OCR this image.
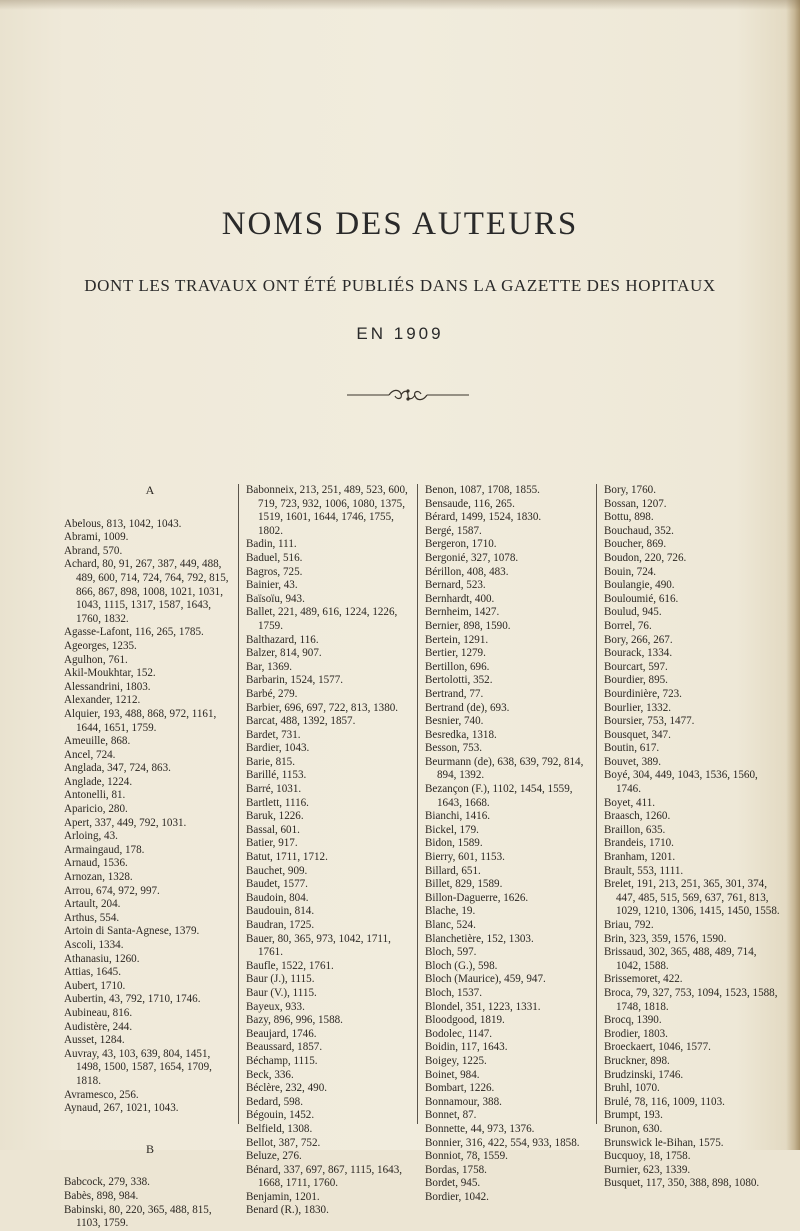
NOMS DES AUTEURS
DONT LES TRAVAUX ONT ÉTÉ PUBLIÉS DANS LA GAZETTE DES HOPITAUX
EN 1909
A
Abelous, 813, 1042, 1043.
Abrami, 1009.
Abrand, 570.
Achard, 80, 91, 267, 387, 449, 488, 489, 600, 714, 724, 764, 792, 815, 866, 867, 898, 1008, 1021, 1031, 1043, 1115, 1317, 1587, 1643, 1760, 1832.
Agasse-Lafont, 116, 265, 1785.
Ageorges, 1235.
Agulhon, 761.
Akil-Moukhtar, 152.
Alessandrini, 1803.
Alexander, 1212.
Alquier, 193, 488, 868, 972, 1161, 1644, 1651, 1759.
Ameuille, 868.
Ancel, 724.
Anglada, 347, 724, 863.
Anglade, 1224.
Antonelli, 81.
Aparicio, 280.
Apert, 337, 449, 792, 1031.
Arloing, 43.
Armaingaud, 178.
Arnaud, 1536.
Arnozan, 1328.
Arrou, 674, 972, 997.
Artault, 204.
Arthus, 554.
Artoin di Santa-Agnese, 1379.
Ascoli, 1334.
Athanasiu, 1260.
Attias, 1645.
Aubert, 1710.
Aubertin, 43, 792, 1710, 1746.
Aubineau, 816.
Audistère, 244.
Ausset, 1284.
Auvray, 43, 103, 639, 804, 1451, 1498, 1500, 1587, 1654, 1709, 1818.
Avramesco, 256.
Aynaud, 267, 1021, 1043.
B
Babcock, 279, 338.
Babès, 898, 984.
Babinski, 80, 220, 365, 488, 815, 1103, 1759.
Babonneix, 213, 251, 489, 523, 600, 719, 723, 932, 1006, 1080, 1375, 1519, 1601, 1644, 1746, 1755, 1802.
Badin, 111.
Baduel, 516.
Bagros, 725.
Bainier, 43.
Baïsoïu, 943.
Ballet, 221, 489, 616, 1224, 1226, 1759.
Balthazard, 116.
Balzer, 814, 907.
Bar, 1369.
Barbarin, 1524, 1577.
Barbé, 279.
Barbier, 696, 697, 722, 813, 1380.
Barcat, 488, 1392, 1857.
Bardet, 731.
Bardier, 1043.
Barie, 815.
Barillé, 1153.
Barré, 1031.
Bartlett, 1116.
Baruk, 1226.
Bassal, 601.
Batier, 917.
Batut, 1711, 1712.
Bauchet, 909.
Baudet, 1577.
Baudoin, 804.
Baudouin, 814.
Baudran, 1725.
Bauer, 80, 365, 973, 1042, 1711, 1761.
Baufle, 1522, 1761.
Baur (J.), 1115.
Baur (V.), 1115.
Bayeux, 933.
Bazy, 896, 996, 1588.
Beaujard, 1746.
Beaussard, 1857.
Béchamp, 1115.
Beck, 336.
Béclère, 232, 490.
Bedard, 598.
Bégouin, 1452.
Belfield, 1308.
Bellot, 387, 752.
Beluze, 276.
Bénard, 337, 697, 867, 1115, 1643, 1668, 1711, 1760.
Benjamin, 1201.
Benard (R.), 1830.
Benon, 1087, 1708, 1855.
Bensaude, 116, 265.
Bérard, 1499, 1524, 1830.
Bergé, 1587.
Bergeron, 1710.
Bergonié, 327, 1078.
Bérillon, 408, 483.
Bernard, 523.
Bernhardt, 400.
Bernheim, 1427.
Bernier, 898, 1590.
Bertein, 1291.
Bertier, 1279.
Bertillon, 696.
Bertolotti, 352.
Bertrand, 77.
Bertrand (de), 693.
Besnier, 740.
Besredka, 1318.
Besson, 753.
Beurmann (de), 638, 639, 792, 814, 894, 1392.
Bezançon (F.), 1102, 1454, 1559, 1643, 1668.
Bianchi, 1416.
Bickel, 179.
Bidon, 1589.
Bierry, 601, 1153.
Billard, 651.
Billet, 829, 1589.
Billon-Daguerre, 1626.
Blache, 19.
Blanc, 524.
Blanchetière, 152, 1303.
Bloch, 597.
Bloch (G.), 598.
Bloch (Maurice), 459, 947.
Bloch, 1537.
Blondel, 351, 1223, 1331.
Bloodgood, 1819.
Bodolec, 1147.
Boidin, 117, 1643.
Boigey, 1225.
Boinet, 984.
Bombart, 1226.
Bonnamour, 388.
Bonnet, 87.
Bonnette, 44, 973, 1376.
Bonnier, 316, 422, 554, 933, 1858.
Bonniot, 78, 1559.
Bordas, 1758.
Bordet, 945.
Bordier, 1042.
Bory, 1760.
Bossan, 1207.
Bottu, 898.
Bouchaud, 352.
Boucher, 869.
Boudon, 220, 726.
Bouin, 724.
Boulangie, 490.
Bouloumié, 616.
Boulud, 945.
Borrel, 76.
Bory, 266, 267.
Bourack, 1334.
Bourcart, 597.
Bourdier, 895.
Bourdinière, 723.
Bourlier, 1332.
Boursier, 753, 1477.
Bousquet, 347.
Boutin, 617.
Bouvet, 389.
Boyé, 304, 449, 1043, 1536, 1560, 1746.
Boyet, 411.
Braasch, 1260.
Braillon, 635.
Brandeis, 1710.
Branham, 1201.
Brault, 553, 1111.
Brelet, 191, 213, 251, 365, 301, 374, 447, 485, 515, 569, 637, 761, 813, 1029, 1210, 1306, 1415, 1450, 1558.
Briau, 792.
Brin, 323, 359, 1576, 1590.
Brissaud, 302, 365, 488, 489, 714, 1042, 1588.
Brissemoret, 422.
Broca, 79, 327, 753, 1094, 1523, 1588, 1748, 1818.
Brocq, 1390.
Brodier, 1803.
Broeckaert, 1046, 1577.
Bruckner, 898.
Brudzinski, 1746.
Bruhl, 1070.
Brulé, 78, 116, 1009, 1103.
Brumpt, 193.
Brunon, 630.
Brunswick le-Bihan, 1575.
Bucquoy, 18, 1758.
Burnier, 623, 1339.
Busquet, 117, 350, 388, 898, 1080.
